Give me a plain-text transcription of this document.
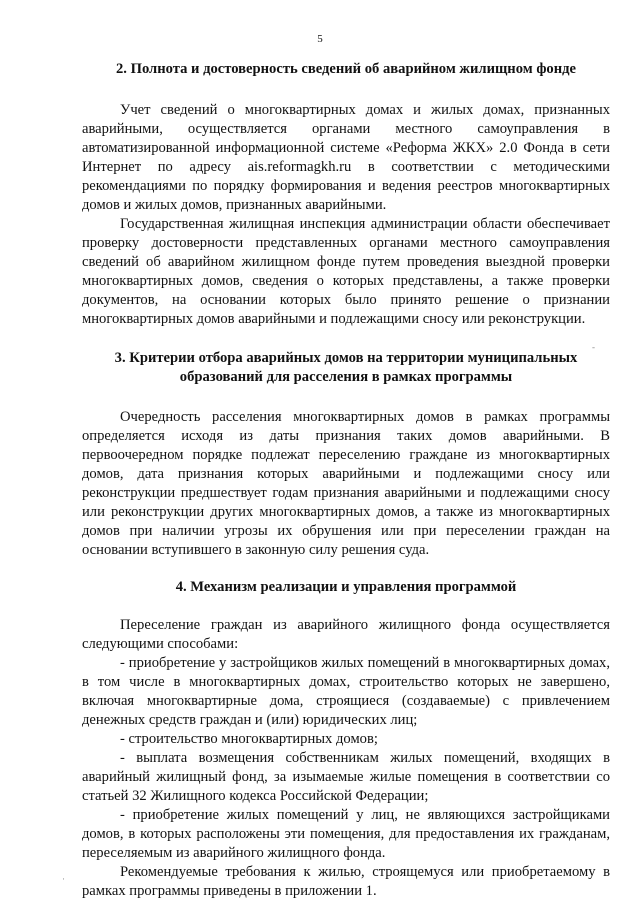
5

2. Полнота и достоверность сведений об аварийном жилищном фонде

Учет сведений о многоквартирных домах и жилых домах, признанных аварийными, осуществляется органами местного самоуправления в автоматизированной информационной системе «Реформа ЖКХ» 2.0 Фонда в сети Интернет по адресу ais.reformagkh.ru в соответствии с методическими рекомендациями по порядку формирования и ведения реестров многоквартирных домов и жилых домов, признанных аварийными.

Государственная жилищная инспекция администрации области обеспечивает проверку достоверности представленных органами местного самоуправления сведений об аварийном жилищном фонде путем проведения выездной проверки многоквартирных домов, сведения о которых представлены, а также проверки документов, на основании которых было принято решение о признании многоквартирных домов аварийными и подлежащими сносу или реконструкции.

3. Критерии отбора аварийных домов на территории муниципальных
образований для расселения в рамках программы

Очередность расселения многоквартирных домов в рамках программы определяется исходя из даты признания таких домов аварийными. В первоочередном порядке подлежат переселению граждане из многоквартирных домов, дата признания которых аварийными и подлежащими сносу или реконструкции предшествует годам признания аварийными и подлежащими сносу или реконструкции других многоквартирных домов, а также из многоквартирных домов при наличии угрозы их обрушения или при переселении граждан на основании вступившего в законную силу решения суда.

4. Механизм реализации и управления программой

Переселение граждан из аварийного жилищного фонда осуществляется следующими способами:

- приобретение у застройщиков жилых помещений в многоквартирных домах, в том числе в многоквартирных домах, строительство которых не завершено, включая многоквартирные дома, строящиеся (создаваемые) с привлечением денежных средств граждан и (или) юридических лиц;

- строительство многоквартирных домов;

- выплата возмещения собственникам жилых помещений, входящих в аварийный жилищный фонд, за изымаемые жилые помещения в соответствии со статьей 32 Жилищного кодекса Российской Федерации;

- приобретение жилых помещений у лиц, не являющихся застройщиками домов, в которых расположены эти помещения, для предоставления их гражданам, переселяемым из аварийного жилищного фонда.

Рекомендуемые требования к жилью, строящемуся или приобретаемому в рамках программы приведены в приложении 1.

-
·
